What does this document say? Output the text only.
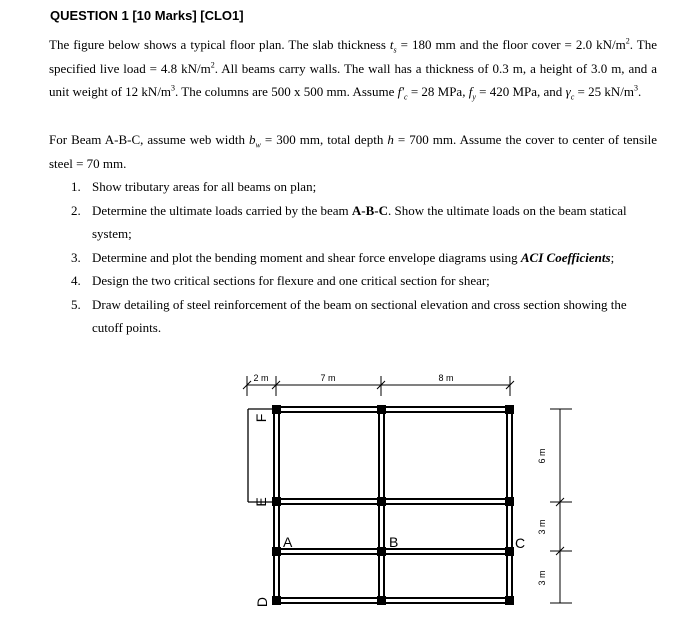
QUESTION 1 [10 Marks] [CLO1]
The figure below shows a typical floor plan. The slab thickness $t_s = 180$ mm and the floor cover = 2.0 $kN/m^2$. The specified live load = 4.8 $kN/m^2$. All beams carry walls. The wall has a thickness of 0.3 m, a height of 3.0 m, and a unit weight of 12 $kN/m^3$. The columns are 500 x 500 mm. Assume $f'_c = 28$ MPa, $f_y = 420$ MPa, and $\gamma_c = 25$ $kN/m^3$.
For Beam A-B-C, assume web width $b_w = 300$ mm, total depth h = 700 mm. Assume the cover to center of tensile steel = 70 mm.
1. Show tributary areas for all beams on plan;
2. Determine the ultimate loads carried by the beam A-B-C. Show the ultimate loads on the beam statical system;
3. Determine and plot the bending moment and shear force envelope diagrams using ACI Coefficients;
4. Design the two critical sections for flexure and one critical section for shear;
5. Draw detailing of steel reinforcement of the beam on sectional elevation and cross section showing the cutoff points.
2 m	7 m	8 m
6 m
3 m
3 m
A	B	C
D
E
F
